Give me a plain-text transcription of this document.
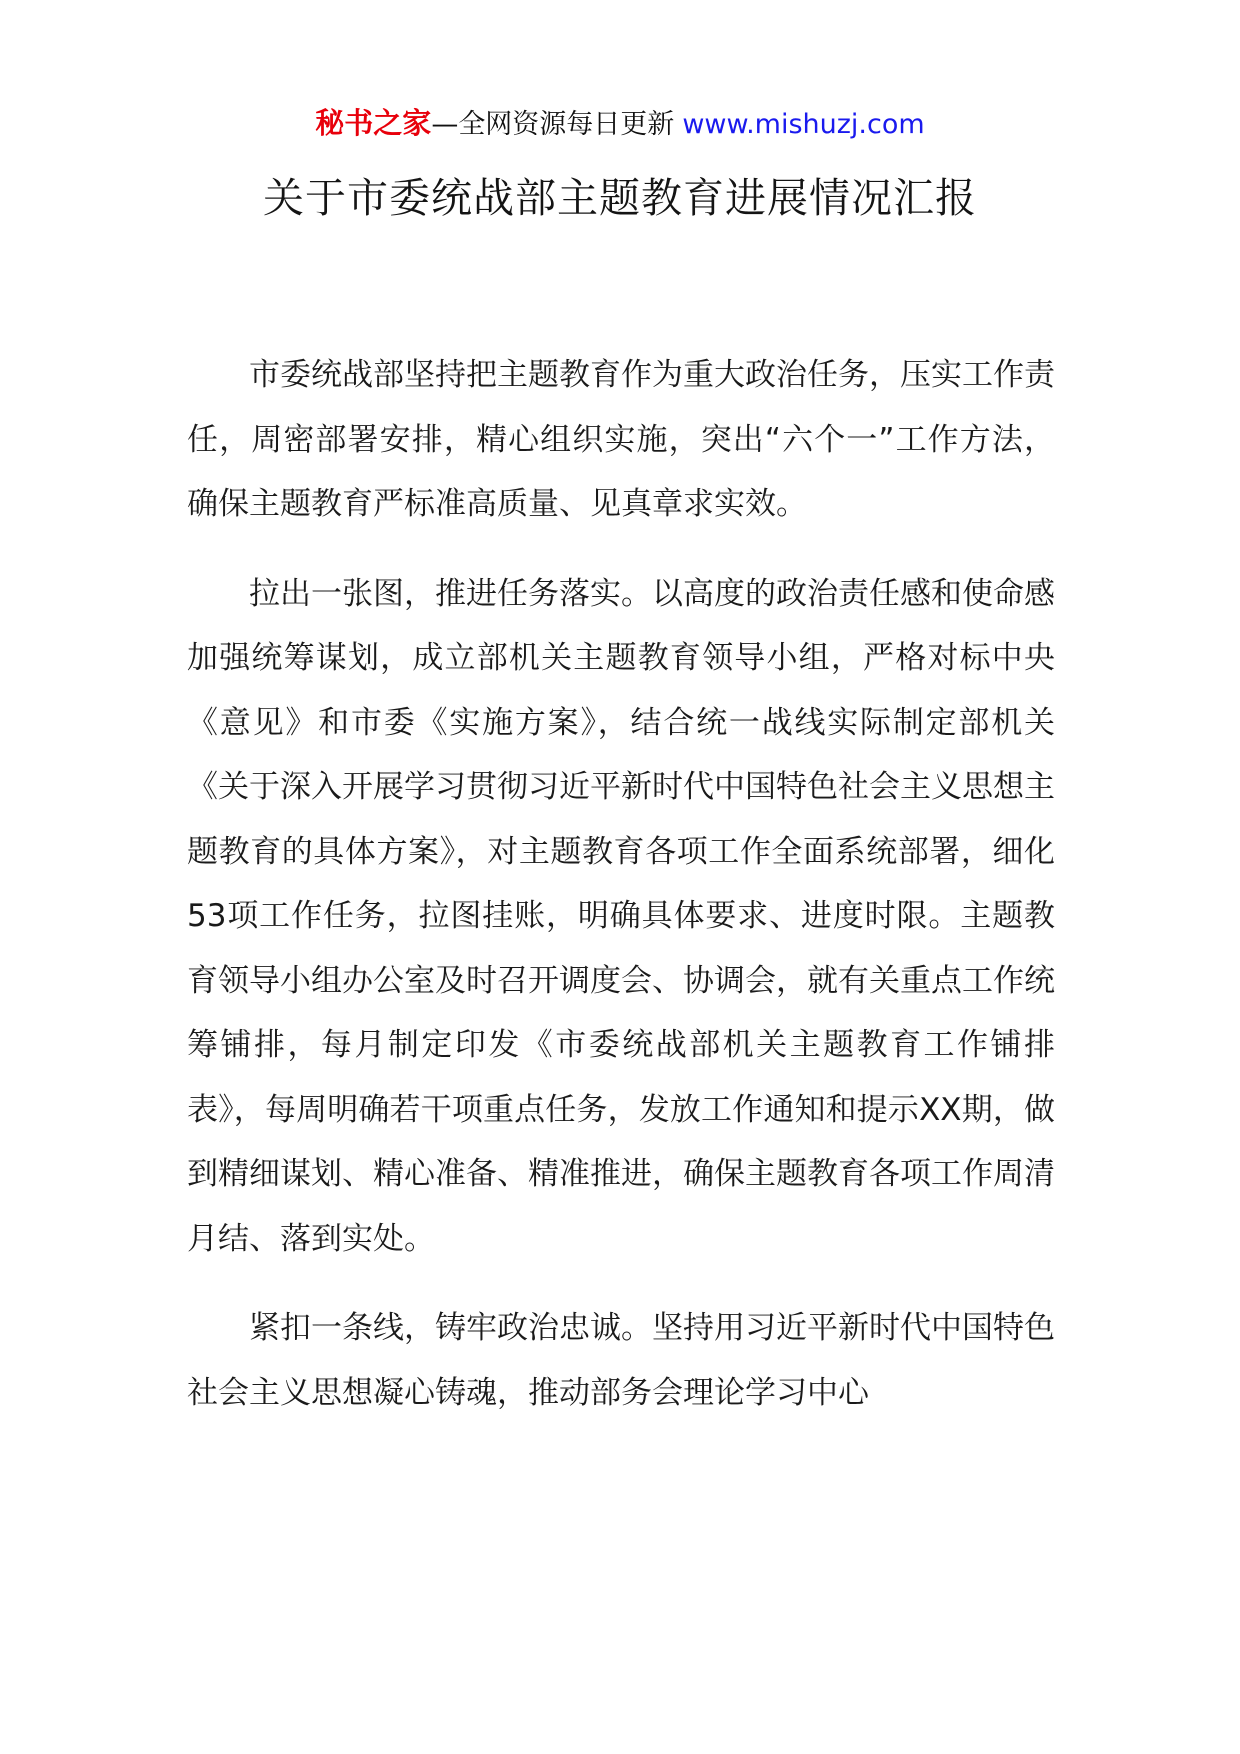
秘书之家—全网资源每日更新 www.mishuzj.com
关于市委统战部主题教育进展情况汇报

市委统战部坚持把主题教育作为重大政治任务，压实工作责任，周密部署安排，精心组织实施，突出“六个一”工作方法，确保主题教育严标准高质量、见真章求实效。

拉出一张图，推进任务落实。以高度的政治责任感和使命感加强统筹谋划，成立部机关主题教育领导小组，严格对标中央《意见》和市委《实施方案》，结合统一战线实际制定部机关《关于深入开展学习贯彻习近平新时代中国特色社会主义思想主题教育的具体方案》，对主题教育各项工作全面系统部署，细化53项工作任务，拉图挂账，明确具体要求、进度时限。主题教育领导小组办公室及时召开调度会、协调会，就有关重点工作统筹铺排，每月制定印发《市委统战部机关主题教育工作铺排表》，每周明确若干项重点任务，发放工作通知和提示XX期，做到精细谋划、精心准备、精准推进，确保主题教育各项工作周清月结、落到实处。

紧扣一条线，铸牢政治忠诚。坚持用习近平新时代中国特色社会主义思想凝心铸魂，推动部务会理论学习中心
